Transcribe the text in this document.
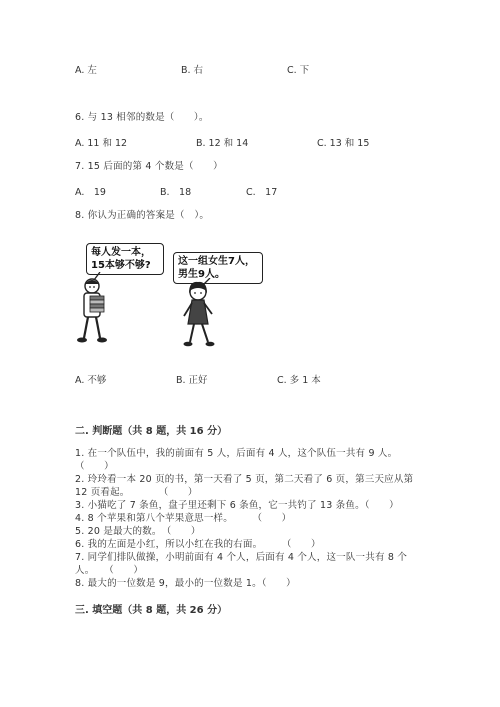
A. 左	B. 右	C. 下
6. 与 13 相邻的数是（　　）。
A. 11 和 12	B. 12 和 14	C. 13 和 15
7. 15 后面的第 4 个数是（　　）
A.　19	B.　18	C.　17
8. 你认为正确的答案是（　）。
每人发一本，
15本够不够?	这一组女生7人，
男生9人。
A. 不够	B. 正好	C. 多 1 本
二. 判断题（共 8 题，共 16 分）
1. 在一个队伍中，我的前面有 5 人，后面有 4 人，这个队伍一共有 9 人。
（　　）
2. 玲玲看一本 20 页的书，第一天看了 5 页，第二天看了 6 页，第三天应从第
12 页看起。　　　　（　　）
3. 小猫吃了 7 条鱼，盘子里还剩下 6 条鱼，它一共钓了 13 条鱼。（　　）
4. 8 个苹果和第八个苹果意思一样。　　　（　　）
5. 20 是最大的数。　（　　）
6. 我的左面是小红，所以小红在我的右面。　　　（　　）
7. 同学们排队做操，小明前面有 4 个人，后面有 4 个人，这一队一共有 8 个
人。　　（　　）
8. 最大的一位数是 9，最小的一位数是 1。（　　）
三. 填空题（共 8 题，共 26 分）
